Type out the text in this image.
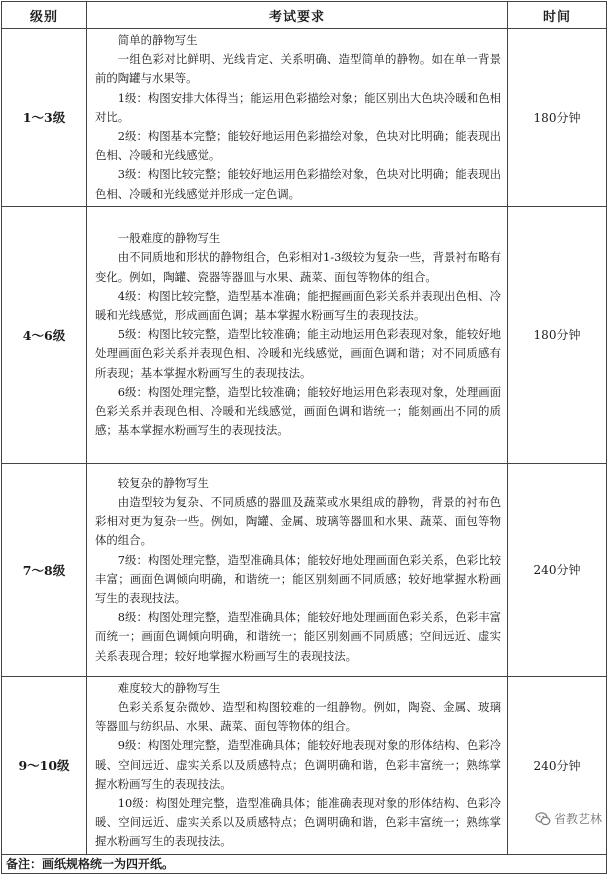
级别	考试要求	时间
1～3级	简单的静物写生

一组色彩对比鲜明、光线肯定、关系明确、造型简单的静物。如在单一背景前的陶罐与水果等。

1级：构图安排大体得当；能运用色彩描绘对象；能区别出大色块冷暖和色相对比。

2级：构图基本完整；能较好地运用色彩描绘对象，色块对比明确；能表现出色相、冷暖和光线感觉。

3级：构图比较完整；能较好地运用色彩描绘对象，色块对比明确；能表现出色相、冷暖和光线感觉并形成一定色调。	180分钟
4～6级	一般难度的静物写生

由不同质地和形状的静物组合，色彩相对1-3级较为复杂一些，背景衬布略有变化。例如，陶罐、瓷器等器皿与水果、蔬菜、面包等物体的组合。

4级：构图比较完整，造型基本准确；能把握画面色彩关系并表现出色相、冷暖和光线感觉，形成画面色调；基本掌握水粉画写生的表现技法。

5级：构图比较完整，造型比较准确；能主动地运用色彩表现对象，能较好地处理画面色彩关系并表现色相、冷暖和光线感觉，画面色调和谐；对不同质感有所表现；基本掌握水粉画写生的表现技法。

6级：构图处理完整，造型比较准确；能较好地运用色彩表现对象，处理画面色彩关系并表现色相、冷暖和光线感觉，画面色调和谐统一；能刻画出不同的质感；基本掌握水粉画写生的表现技法。	180分钟
7～8级	较复杂的静物写生

由造型较为复杂、不同质感的器皿及蔬菜或水果组成的静物，背景的衬布色彩相对更为复杂一些。例如，陶罐、金属、玻璃等器皿和水果、蔬菜、面包等物体的组合。

7级：构图处理完整，造型准确具体；能较好地处理画面色彩关系，色彩比较丰富；画面色调倾向明确，和谐统一；能区别刻画不同质感；较好地掌握水粉画写生的表现技法。

8级：构图处理完整，造型准确具体；能较好地处理画面色彩关系，色彩丰富而统一；画面色调倾向明确，和谐统一；能区别刻画不同质感；空间远近、虚实关系表现合理；较好地掌握水粉画写生的表现技法。	240分钟
9～10级	难度较大的静物写生

色彩关系复杂微妙、造型和构图较难的一组静物。例如，陶瓷、金属、玻璃等器皿与纺织品、水果、蔬菜、面包等物体的组合。

9级：构图处理完整，造型准确具体；能较好地表现对象的形体结构、色彩冷暖、空间远近、虚实关系以及质感特点；色调明确和谐，色彩丰富统一；熟练掌握水粉画写生的表现技法。

10级：构图处理完整，造型准确具体；能准确表现对象的形体结构、色彩冷暖、空间远近、虚实关系以及质感特点；色调明确和谐，色彩丰富统一；熟练掌握水粉画写生的表现技法。	240分钟
备注：画纸规格统一为四开纸。		
省教艺林
